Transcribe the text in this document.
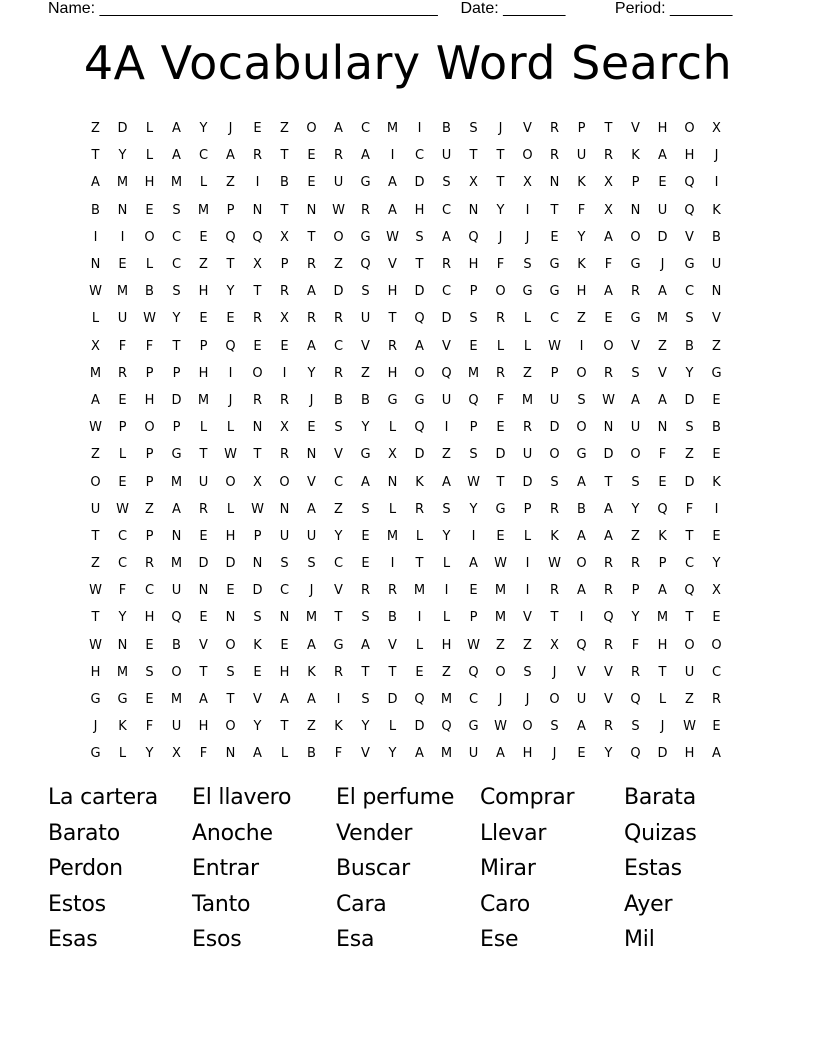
Name: ______________________________________ Date: _______	Period: _______
4A Vocabulary Word Search
Z	D	L	A	Y	J	E	Z	O	A	C	M	I	B	S	J	V	R	P	T	V	H	O	X
T	Y	L	A	C	A	R	T	E	R	A	I	C	U	T	T	O	R	U	R	K	A	H	J
A	M	H	M	L	Z	I	B	E	U	G	A	D	S	X	T	X	N	K	X	P	E	Q	I
B	N	E	S	M	P	N	T	N	W	R	A	H	C	N	Y	I	T	F	X	N	U	Q	K
I	I	O	C	E	Q	Q	X	T	O	G	W	S	A	Q	J	J	E	Y	A	O	D	V	B
N	E	L	C	Z	T	X	P	R	Z	Q	V	T	R	H	F	S	G	K	F	G	J	G	U
W	M	B	S	H	Y	T	R	A	D	S	H	D	C	P	O	G	G	H	A	R	A	C	N
L	U	W	Y	E	E	R	X	R	R	U	T	Q	D	S	R	L	C	Z	E	G	M	S	V
X	F	F	T	P	Q	E	E	A	C	V	R	A	V	E	L	L	W	I	O	V	Z	B	Z
M	R	P	P	H	I	O	I	Y	R	Z	H	O	Q	M	R	Z	P	O	R	S	V	Y	G
A	E	H	D	M	J	R	R	J	B	B	G	G	U	Q	F	M	U	S	W	A	A	D	E
W	P	O	P	L	L	N	X	E	S	Y	L	Q	I	P	E	R	D	O	N	U	N	S	B
Z	L	P	G	T	W	T	R	N	V	G	X	D	Z	S	D	U	O	G	D	O	F	Z	E
O	E	P	M	U	O	X	O	V	C	A	N	K	A	W	T	D	S	A	T	S	E	D	K
U	W	Z	A	R	L	W	N	A	Z	S	L	R	S	Y	G	P	R	B	A	Y	Q	F	I
T	C	P	N	E	H	P	U	U	Y	E	M	L	Y	I	E	L	K	A	A	Z	K	T	E
Z	C	R	M	D	D	N	S	S	C	E	I	T	L	A	W	I	W	O	R	R	P	C	Y
W	F	C	U	N	E	D	C	J	V	R	R	M	I	E	M	I	R	A	R	P	A	Q	X
T	Y	H	Q	E	N	S	N	M	T	S	B	I	L	P	M	V	T	I	Q	Y	M	T	E
W	N	E	B	V	O	K	E	A	G	A	V	L	H	W	Z	Z	X	Q	R	F	H	O	O
H	M	S	O	T	S	E	H	K	R	T	T	E	Z	Q	O	S	J	V	V	R	T	U	C
G	G	E	M	A	T	V	A	A	I	S	D	Q	M	C	J	J	O	U	V	Q	L	Z	R
J	K	F	U	H	O	Y	T	Z	K	Y	L	D	Q	G	W	O	S	A	R	S	J	W	E
G	L	Y	X	F	N	A	L	B	F	V	Y	A	M	U	A	H	J	E	Y	Q	D	H	A
La cartera	El llavero	El perfume	Comprar	Barata
Barato	Anoche	Vender	Llevar	Quizas
Perdon	Entrar	Buscar	Mirar	Estas
Estos	Tanto	Cara	Caro	Ayer
Esas	Esos	Esa	Ese	Mil
